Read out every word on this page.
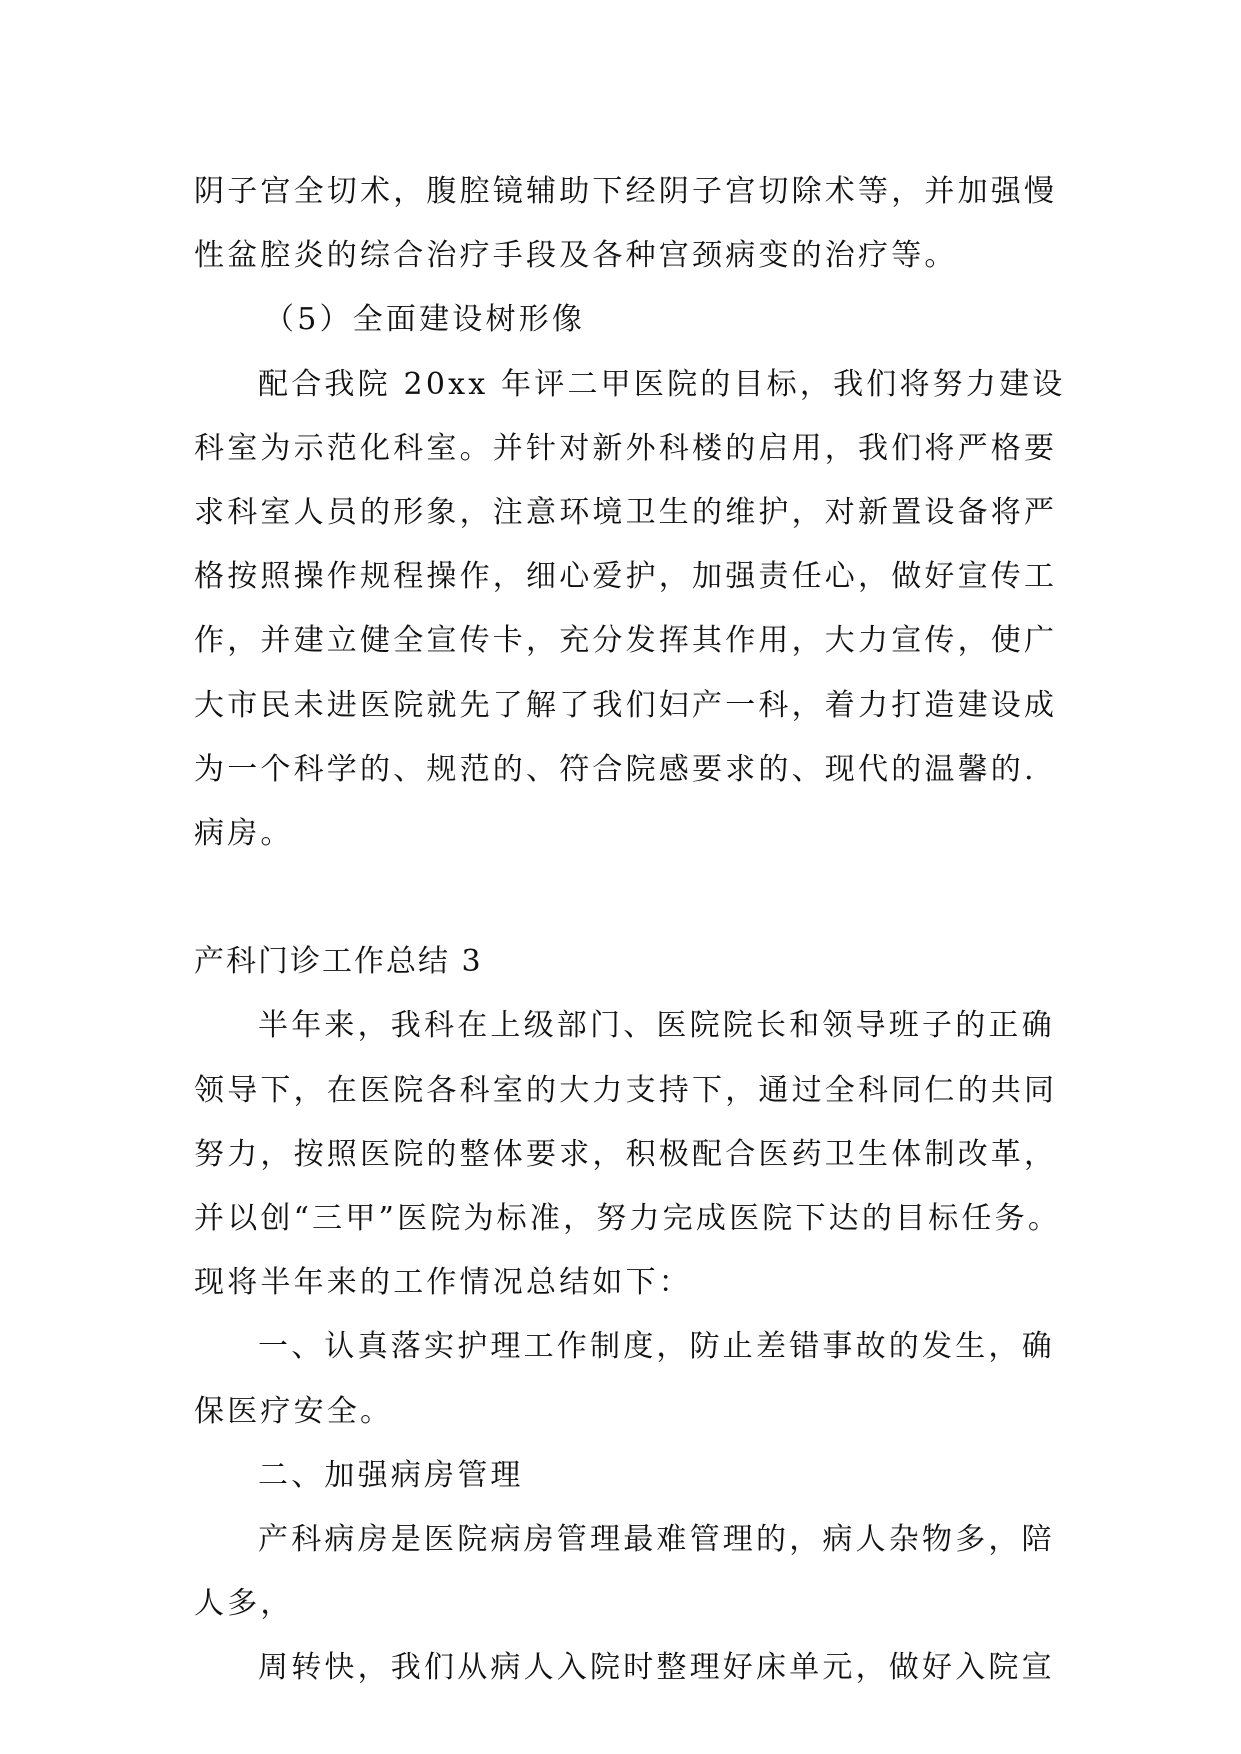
阴子宫全切术，腹腔镜辅助下经阴子宫切除术等，并加强慢
性盆腔炎的综合治疗手段及各种宫颈病变的治疗等。
（5）全面建设树形像
配合我院 20xx 年评二甲医院的目标，我们将努力建设
科室为示范化科室。并针对新外科楼的启用，我们将严格要
求科室人员的形象，注意环境卫生的维护，对新置设备将严
格按照操作规程操作，细心爱护，加强责任心，做好宣传工
作，并建立健全宣传卡，充分发挥其作用，大力宣传，使广
大市民未进医院就先了解了我们妇产一科，着力打造建设成
为一个科学的、规范的、符合院感要求的、现代的温馨的.
病房。
产科门诊工作总结 3
半年来，我科在上级部门、医院院长和领导班子的正确
领导下，在医院各科室的大力支持下，通过全科同仁的共同
努力，按照医院的整体要求，积极配合医药卫生体制改革，
并以创“三甲”医院为标准，努力完成医院下达的目标任务。
现将半年来的工作情况总结如下：
一、认真落实护理工作制度，防止差错事故的发生，确
保医疗安全。
二、加强病房管理
产科病房是医院病房管理最难管理的，病人杂物多，陪
人多，
周转快，我们从病人入院时整理好床单元，做好入院宣
